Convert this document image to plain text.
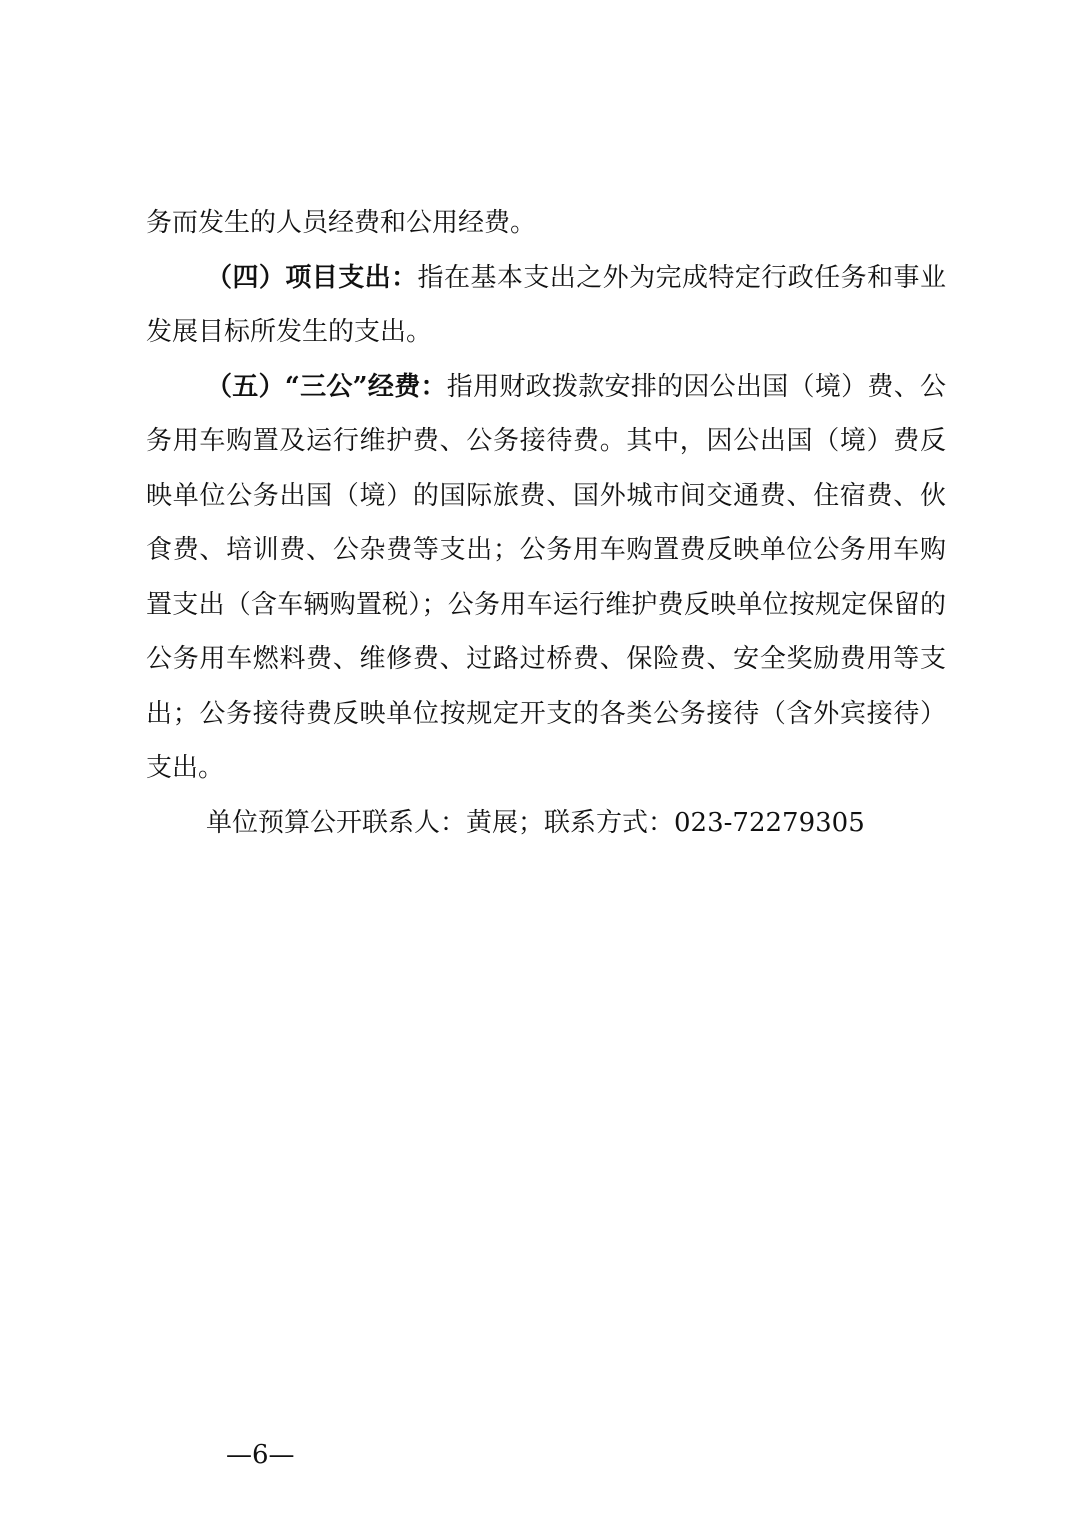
务而发生的人员经费和公用经费。

（四）项目支出：指在基本支出之外为完成特定行政任务和事业发展目标所发生的支出。

（五）“三公”经费：指用财政拨款安排的因公出国（境）费、公务用车购置及运行维护费、公务接待费。其中，因公出国（境）费反映单位公务出国（境）的国际旅费、国外城市间交通费、住宿费、伙食费、培训费、公杂费等支出；公务用车购置费反映单位公务用车购置支出（含车辆购置税）；公务用车运行维护费反映单位按规定保留的公务用车燃料费、维修费、过路过桥费、保险费、安全奖励费用等支出；公务接待费反映单位按规定开支的各类公务接待（含外宾接待）支出。

单位预算公开联系人：黄展；联系方式：023-72279305

—6—
